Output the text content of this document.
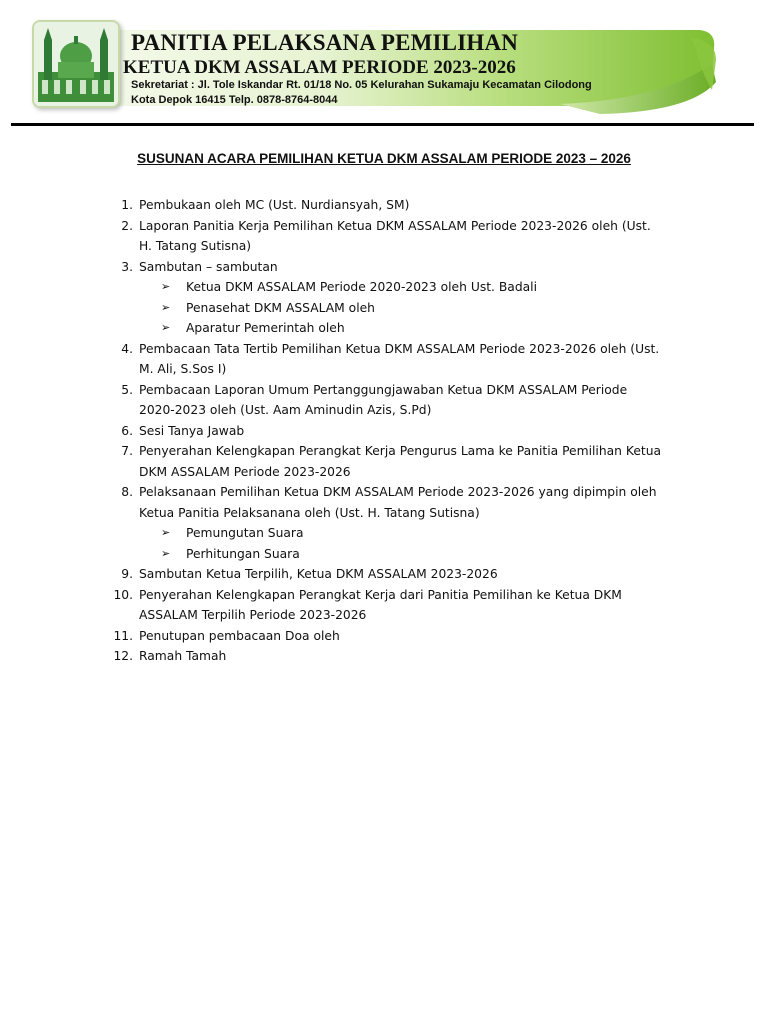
PANITIA PELAKSANA PEMILIHAN
KETUA DKM ASSALAM PERIODE 2023-2026

Sekretariat : Jl. Tole Iskandar Rt. 01/18 No. 05 Kelurahan Sukamaju Kecamatan Cilodong

Kota Depok 16415 Telp. 0878-8764-8044

SUSUNAN ACARA PEMILIHAN KETUA DKM ASSALAM PERIODE 2023 – 2026
1. Pembukaan oleh MC (Ust. Nurdiansyah, SM)
2. Laporan Panitia Kerja Pemilihan Ketua DKM ASSALAM Periode 2023-2026 oleh (Ust.
H. Tatang Sutisna)
3. Sambutan – sambutan
➢ Ketua DKM ASSALAM Periode 2020-2023 oleh Ust. Badali
➢ Penasehat DKM ASSALAM oleh
➢ Aparatur Pemerintah oleh
4. Pembacaan Tata Tertib Pemilihan Ketua DKM ASSALAM Periode 2023-2026 oleh (Ust.
M. Ali, S.Sos I)
5. Pembacaan Laporan Umum Pertanggungjawaban Ketua DKM ASSALAM Periode
2020-2023 oleh (Ust. Aam Aminudin Azis, S.Pd)
6. Sesi Tanya Jawab
7. Penyerahan Kelengkapan Perangkat Kerja Pengurus Lama ke Panitia Pemilihan Ketua
DKM ASSALAM Periode 2023-2026
8. Pelaksanaan Pemilihan Ketua DKM ASSALAM Periode 2023-2026 yang dipimpin oleh
Ketua Panitia Pelaksanana oleh (Ust. H. Tatang Sutisna)
➢ Pemungutan Suara
➢ Perhitungan Suara
9. Sambutan Ketua Terpilih, Ketua DKM ASSALAM 2023-2026
10. Penyerahan Kelengkapan Perangkat Kerja dari Panitia Pemilihan ke Ketua DKM
ASSALAM Terpilih Periode 2023-2026
11. Penutupan pembacaan Doa oleh
12. Ramah Tamah
